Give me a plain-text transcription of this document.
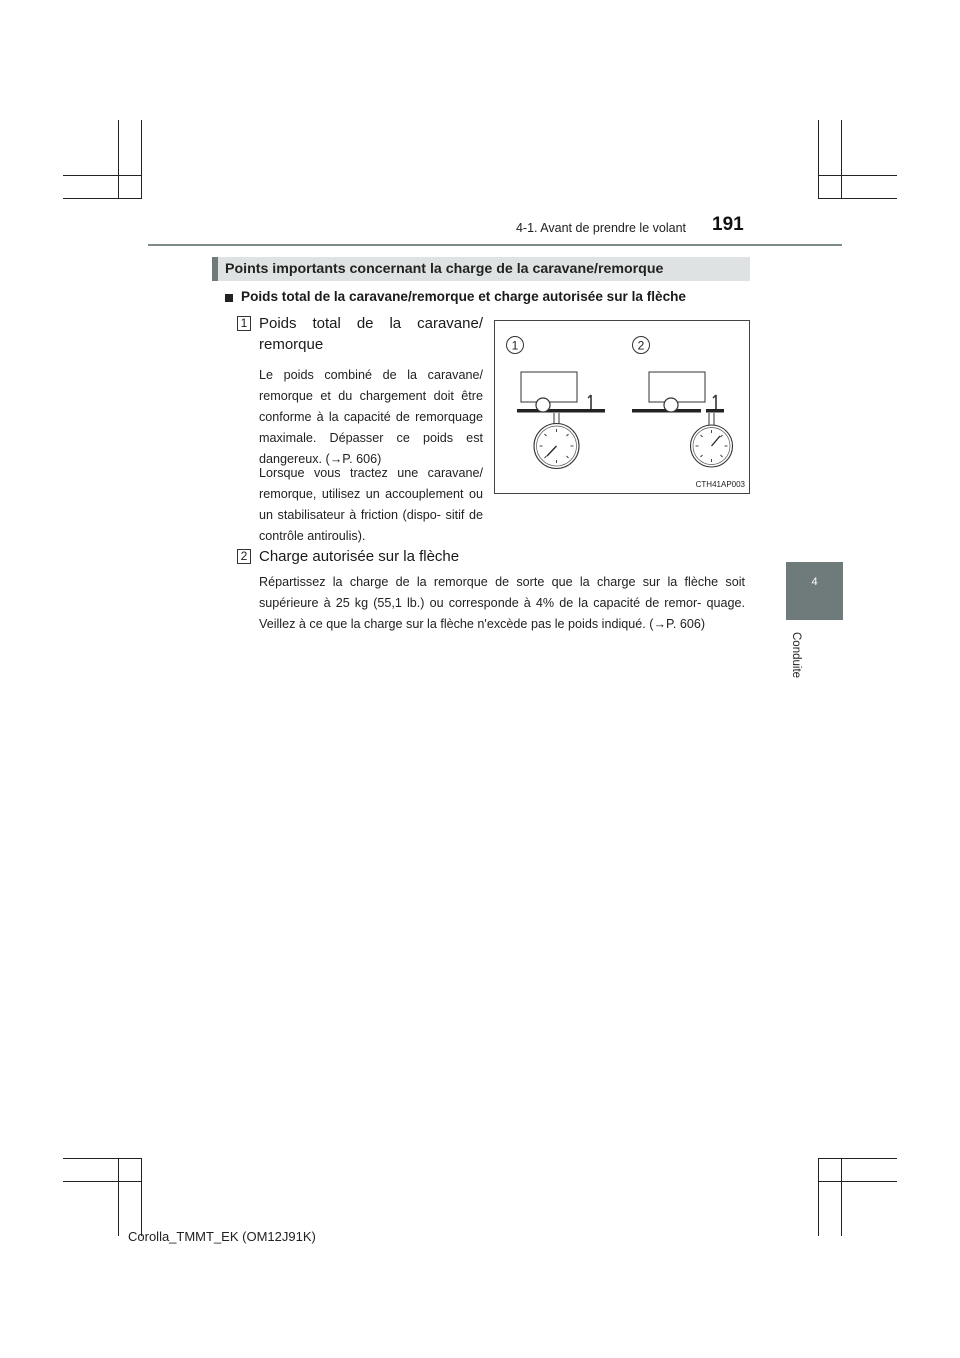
4-1. Avant de prendre le volant 191
4
Conduite
Points importants concernant la charge de la caravane/remorque
Poids total de la caravane/remorque et charge autorisée sur la flèche
1 Poids total de la caravane/
remorque
Le poids combiné de la caravane/ remorque et du chargement doit être conforme à la capacité de remorquage maximale. Dépasser ce poids est dangereux. (→P. 606)
Lorsque vous tractez une caravane/ remorque, utilisez un accouplement ou un stabilisateur à friction (dispo- sitif de contrôle antiroulis).
1	2
CTH41AP003
2 Charge autorisée sur la flèche
Répartissez la charge de la remorque de sorte que la charge sur la flèche soit supérieure à 25 kg (55,1 lb.) ou corresponde à 4% de la capacité de remor- quage. Veillez à ce que la charge sur la flèche n'excède pas le poids indiqué. (→P. 606)
Corolla_TMMT_EK (OM12J91K)
